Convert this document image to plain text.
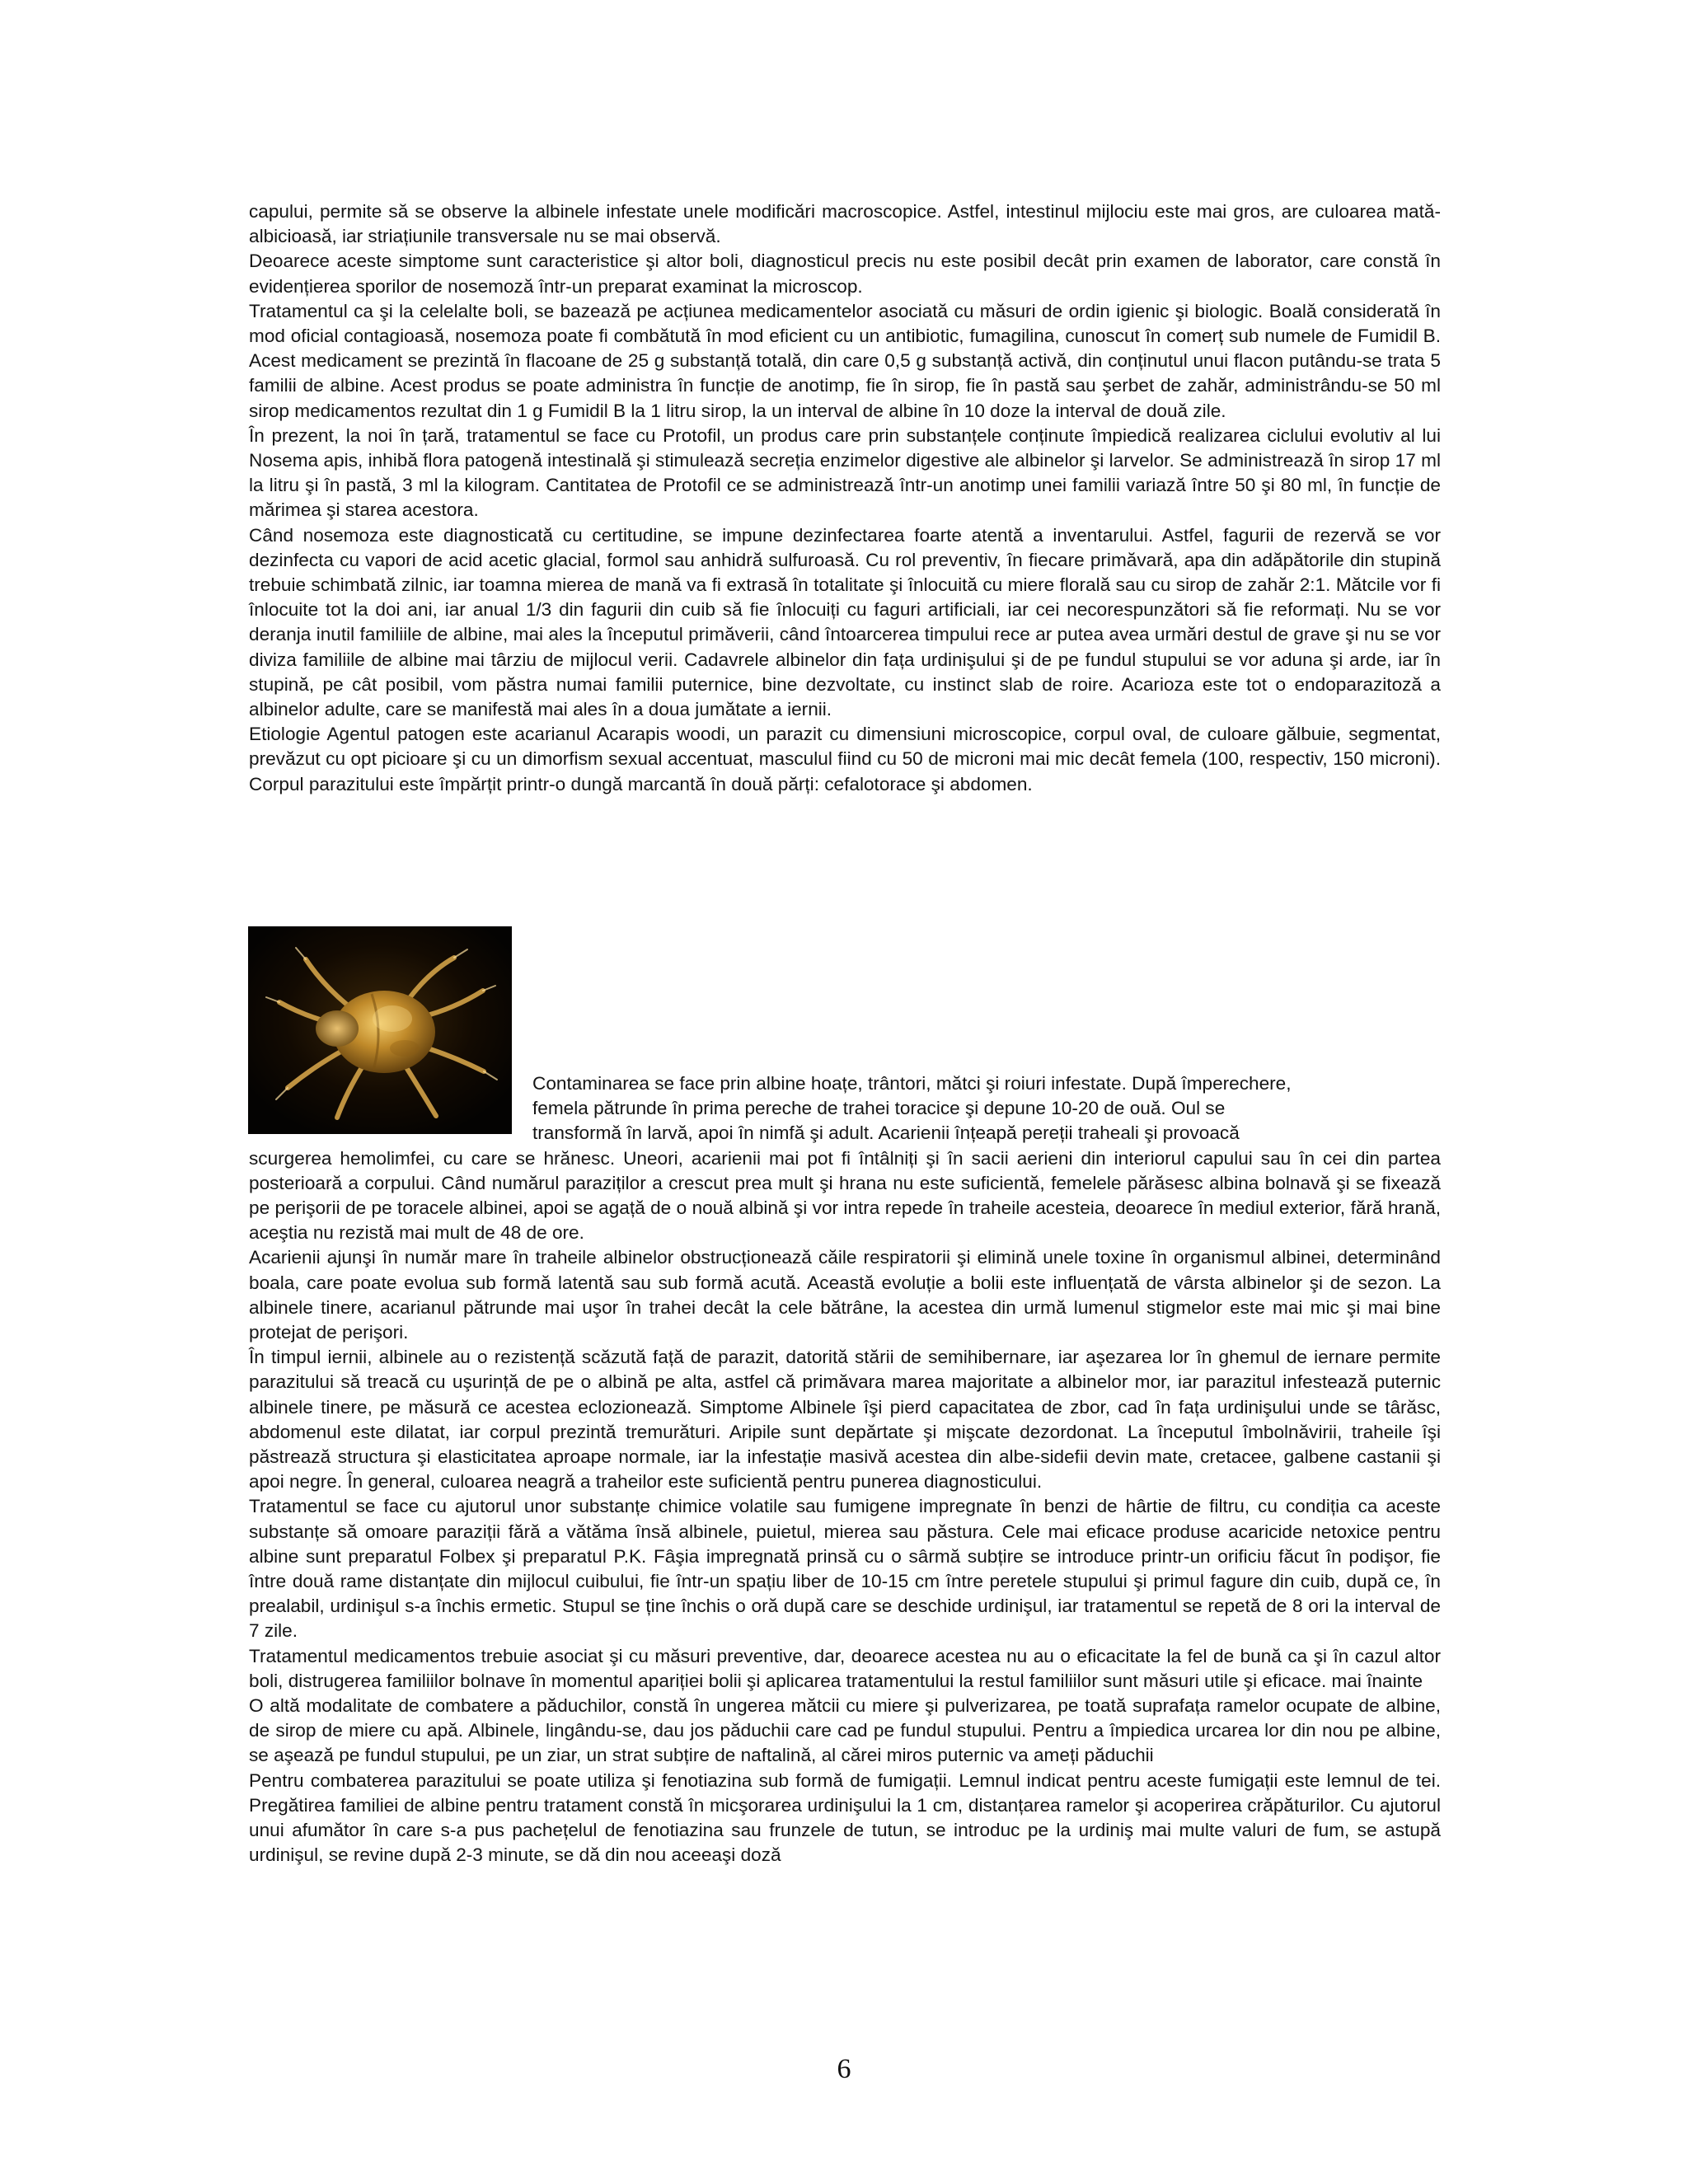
capului, permite să se observe la albinele infestate unele modificări macroscopice. Astfel, intestinul mijlociu este mai gros, are culoarea mată-albicioasă, iar striațiunile transversale nu se mai observă.

Deoarece aceste simptome sunt caracteristice şi altor boli, diagnosticul precis nu este posibil decât prin examen de laborator, care constă în evidențierea sporilor de nosemoză într-un preparat examinat la microscop.

Tratamentul ca şi la celelalte boli, se bazează pe acțiunea medicamentelor asociată cu măsuri de ordin igienic şi biologic. Boală considerată în mod oficial contagioasă, nosemoza poate fi combătută în mod eficient cu un antibiotic, fumagilina, cunoscut în comerț sub numele de Fumidil B. Acest medicament se prezintă în flacoane de 25 g substanță totală, din care 0,5 g substanță activă, din conținutul unui flacon putându-se trata 5 familii de albine. Acest produs se poate administra în funcție de anotimp, fie în sirop, fie în pastă sau şerbet de zahăr, administrându-se 50 ml sirop medicamentos rezultat din 1 g Fumidil B la 1 litru sirop, la un interval de albine în 10 doze la interval de două zile.

În prezent, la noi în țară, tratamentul se face cu Protofil, un produs care prin substanțele conținute împiedică realizarea ciclului evolutiv al lui Nosema apis, inhibă flora patogenă intestinală şi stimulează secreția enzimelor digestive ale albinelor şi larvelor. Se administrează în sirop 17 ml la litru şi în pastă, 3 ml la kilogram. Cantitatea de Protofil ce se administrează într-un anotimp unei familii variază între 50 şi 80 ml, în funcție de mărimea şi starea acestora.

Când nosemoza este diagnosticată cu certitudine, se impune dezinfectarea foarte atentă a inventarului. Astfel, fagurii de rezervă se vor dezinfecta cu vapori de acid acetic glacial, formol sau anhidră sulfuroasă. Cu rol preventiv, în fiecare primăvară, apa din adăpătorile din stupină trebuie schimbată zilnic, iar toamna mierea de mană va fi extrasă în totalitate şi înlocuită cu miere florală sau cu sirop de zahăr 2:1. Mătcile vor fi înlocuite tot la doi ani, iar anual 1/3 din fagurii din cuib să fie înlocuiți cu faguri artificiali, iar cei necorespunzători să fie reformați. Nu se vor deranja inutil familiile de albine, mai ales la începutul primăverii, când întoarcerea timpului rece ar putea avea urmări destul de grave şi nu se vor diviza familiile de albine mai târziu de mijlocul verii. Cadavrele albinelor din fața urdinişului şi de pe fundul stupului se vor aduna şi arde, iar în stupină, pe cât posibil, vom păstra numai familii puternice, bine dezvoltate, cu instinct slab de roire. Acarioza este tot o endoparazitoză a albinelor adulte, care se manifestă mai ales în a doua jumătate a iernii.

Etiologie Agentul patogen este acarianul Acarapis woodi, un parazit cu dimensiuni microscopice, corpul oval, de culoare gălbuie, segmentat, prevăzut cu opt picioare şi cu un dimorfism sexual accentuat, masculul fiind cu 50 de microni mai mic decât femela (100, respectiv, 150 microni). Corpul parazitului este împărțit printr-o dungă marcantă în două părți: cefalotorace şi abdomen.

Contaminarea se face prin albine hoațe, trântori, mătci şi roiuri infestate. După împerechere,

femela pătrunde în prima pereche de trahei toracice şi depune 10-20 de ouă. Oul se

transformă în larvă, apoi în nimfă şi adult. Acarienii înțeapă pereții traheali şi provoacă

scurgerea hemolimfei, cu care se hrănesc. Uneori, acarienii mai pot fi întâlniți şi în sacii aerieni din interiorul capului sau în cei din partea posterioară a corpului. Când numărul paraziților a crescut prea mult şi hrana nu este suficientă, femelele părăsesc albina bolnavă şi se fixează pe perişorii de pe toracele albinei, apoi se agață de o nouă albină şi vor intra repede în traheile acesteia, deoarece în mediul exterior, fără hrană, aceştia nu rezistă mai mult de 48 de ore.

Acarienii ajunşi în număr mare în traheile albinelor obstrucționează căile respiratorii şi elimină unele toxine în organismul albinei, determinând boala, care poate evolua sub formă latentă sau sub formă acută. Această evoluție a bolii este influențată de vârsta albinelor şi de sezon. La albinele tinere, acarianul pătrunde mai uşor în trahei decât la cele bătrâne, la acestea din urmă lumenul stigmelor este mai mic şi mai bine protejat de perişori.

În timpul iernii, albinele au o rezistență scăzută față de parazit, datorită stării de semihibernare, iar aşezarea lor în ghemul de iernare permite parazitului să treacă cu uşurință de pe o albină pe alta, astfel că primăvara marea majoritate a albinelor mor, iar parazitul infestează puternic albinele tinere, pe măsură ce acestea eclozionează. Simptome Albinele îşi pierd capacitatea de zbor, cad în fața urdinişului unde se târăsc, abdomenul este dilatat, iar corpul prezintă tremurături. Aripile sunt depărtate şi mişcate dezordonat. La începutul îmbolnăvirii, traheile îşi păstrează structura şi elasticitatea aproape normale, iar la infestație masivă acestea din albe-sidefii devin mate, cretacee, galbene castanii şi apoi negre. În general, culoarea neagră a traheilor este suficientă pentru punerea diagnosticului.

Tratamentul se face cu ajutorul unor substanțe chimice volatile sau fumigene impregnate în benzi de hârtie de filtru, cu condiția ca aceste substanțe să omoare paraziții fără a vătăma însă albinele, puietul, mierea sau păstura. Cele mai eficace produse acaricide netoxice pentru albine sunt preparatul Folbex şi preparatul P.K. Fâşia impregnată prinsă cu o sârmă subțire se introduce printr-un orificiu făcut în podişor, fie între două rame distanțate din mijlocul cuibului, fie într-un spațiu liber de 10-15 cm între peretele stupului şi primul fagure din cuib, după ce, în prealabil, urdinişul s-a închis ermetic. Stupul se ține închis o oră după care se deschide urdinişul, iar tratamentul se repetă de 8 ori la interval de 7 zile.

Tratamentul medicamentos trebuie asociat şi cu măsuri preventive, dar, deoarece acestea nu au o eficacitate la fel de bună ca şi în cazul altor boli, distrugerea familiilor bolnave în momentul apariției bolii şi aplicarea tratamentului la restul familiilor sunt măsuri utile şi eficace. mai înainte

O altă modalitate de combatere a păduchilor, constă în ungerea mătcii cu miere şi pulverizarea, pe toată suprafața ramelor ocupate de albine, de sirop de miere cu apă. Albinele, lingându-se, dau jos păduchii care cad pe fundul stupului. Pentru a împiedica urcarea lor din nou pe albine, se aşează pe fundul stupului, pe un ziar, un strat subțire de naftalină, al cărei miros puternic va ameți păduchii

Pentru combaterea parazitului se poate utiliza şi fenotiazina sub formă de fumigații. Lemnul indicat pentru aceste fumigații este lemnul de tei. Pregătirea familiei de albine pentru tratament constă în micşorarea urdinişului la 1 cm, distanțarea ramelor şi acoperirea crăpăturilor. Cu ajutorul unui afumător în care s-a pus pachețelul de fenotiazina sau frunzele de tutun, se introduc pe la urdiniş mai multe valuri de fum, se astupă urdinişul, se revine după 2-3 minute, se dă din nou aceeaşi doză

6
